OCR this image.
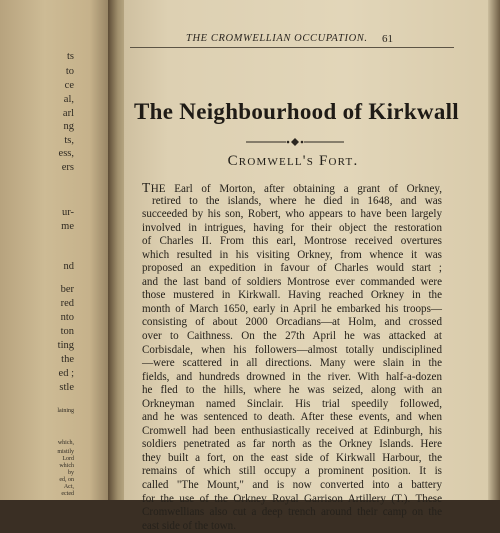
ts
to
ce
al,
arl
ng
ts,
ess,
ers
ur-
me
nd
ber
red
nto
ton
ting
the
ed ;
stle
laining
which,
mistily
Lord
which
by
ed, on
Act,
ected
THE CROMWELLIAN OCCUPATION. 61
The Neighbourhood of Kirkwall
Cromwell's Fort.
THE Earl of Morton, after obtaining a grant of Orkney,
retired to the islands, where he died in 1648, and was
succeeded by his son, Robert, who appears to have been largely
involved in intrigues, having for their object the restoration
of Charles II. From this earl, Montrose received overtures
which resulted in his visiting Orkney, from whence it was
proposed an expedition in favour of Charles would start ;
and the last band of soldiers Montrose ever commanded were
those mustered in Kirkwall. Having reached Orkney in the
month of March 1650, early in April he embarked his troops—
consisting of about 2000 Orcadians—at Holm, and crossed
over to Caithness. On the 27th April he was attacked at
Corbisdale, when his followers—almost totally undisciplined
—were scattered in all directions. Many were slain in the
fields, and hundreds drowned in the river. With half-a-dozen
he fled to the hills, where he was seized, along with an
Orkneyman named Sinclair. His trial speedily followed,
and he was sentenced to death. After these events, and when
Cromwell had been enthusiastically received at Edinburgh, his
soldiers penetrated as far north as the Orkney Islands. Here
they built a fort, on the east side of Kirkwall Harbour, the
remains of which still occupy a prominent position. It is
called "The Mount," and is now converted into a battery
for the use of the Orkney Royal Garrison Artillery (T.). These
Cromwellians also cut a deep trench around their camp on the
east side of the town.
